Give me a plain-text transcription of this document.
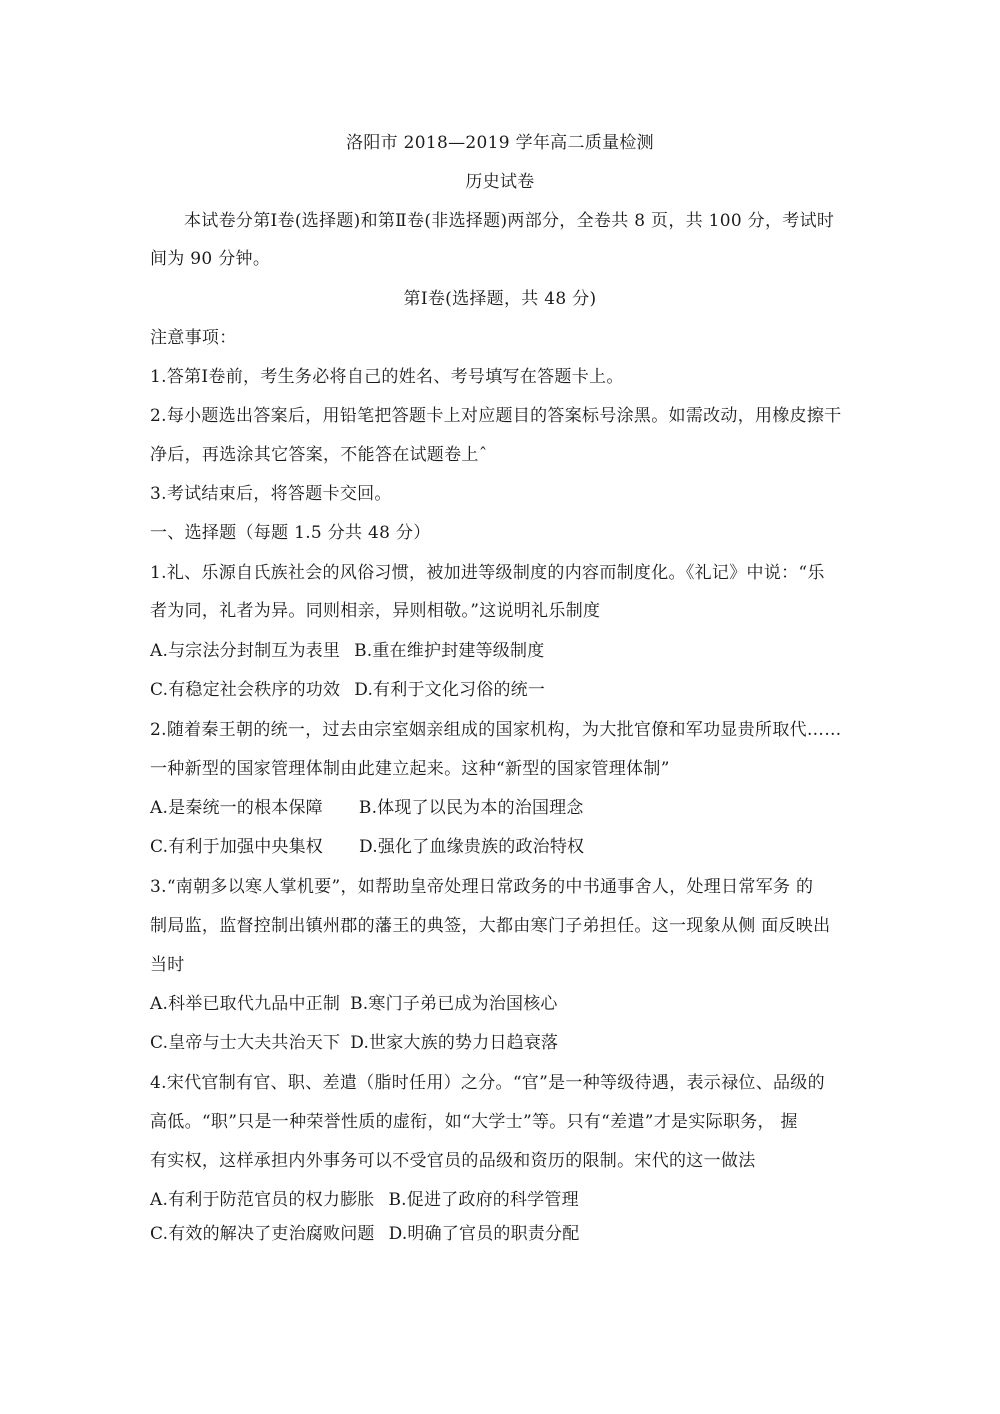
洛阳市 2018—2019 学年高二质量检测
历史试卷
本试卷分第Ⅰ卷(选择题)和第Ⅱ卷(非选择题)两部分，全卷共 8 页，共 100 分，考试时
间为 90 分钟。
第Ⅰ卷(选择题，共 48 分)
注意事项：
1.答第Ⅰ卷前，考生务必将自己的姓名、考号填写在答题卡上。
2.每小题选出答案后，用铅笔把答题卡上对应题目的答案标号涂黑。如需改动，用橡皮擦干
净后，再选涂其它答案，不能答在试题卷上ˆ
3.考试结束后，将答题卡交回。
一、选择题（每题 1.5 分共 48 分）
1.礼、乐源自氏族社会的风俗习惯，被加进等级制度的内容而制度化。《礼记》中说：“乐
者为同，礼者为异。同则相亲，异则相敬。”这说明礼乐制度
A.与宗法分封制互为表里 B.重在维护封建等级制度
C.有稳定社会秩序的功效 D.有利于文化习俗的统一
2.随着秦王朝的统一，过去由宗室姻亲组成的国家机构，为大批官僚和军功显贵所取代……
一种新型的国家管理体制由此建立起来。这种“新型的国家管理体制”
A.是秦统一的根本保障 B.体现了以民为本的治国理念
C.有利于加强中央集权 D.强化了血缘贵族的政治特权
3.“南朝多以寒人掌机要”，如帮助皇帝处理日常政务的中书通事舍人，处理日常军务 的
制局监，监督控制出镇州郡的藩王的典签，大都由寒门子弟担任。这一现象从侧 面反映出
当时
A.科举已取代九品中正制 B.寒门子弟已成为治国核心
C.皇帝与士大夫共治天下 D.世家大族的势力日趋衰落
4.宋代官制有官、职、差遣（脂时任用）之分。“官”是一种等级待遇，表示禄位、品级的
高低。“职”只是一种荣誉性质的虚衔，如“大学士”等。只有“差遣”才是实际职务， 握
有实权，这样承担内外事务可以不受官员的品级和资历的限制。宋代的这一做法
A.有利于防范官员的权力膨胀 B.促进了政府的科学管理
C.有效的解决了吏治腐败问题 D.明确了官员的职责分配
